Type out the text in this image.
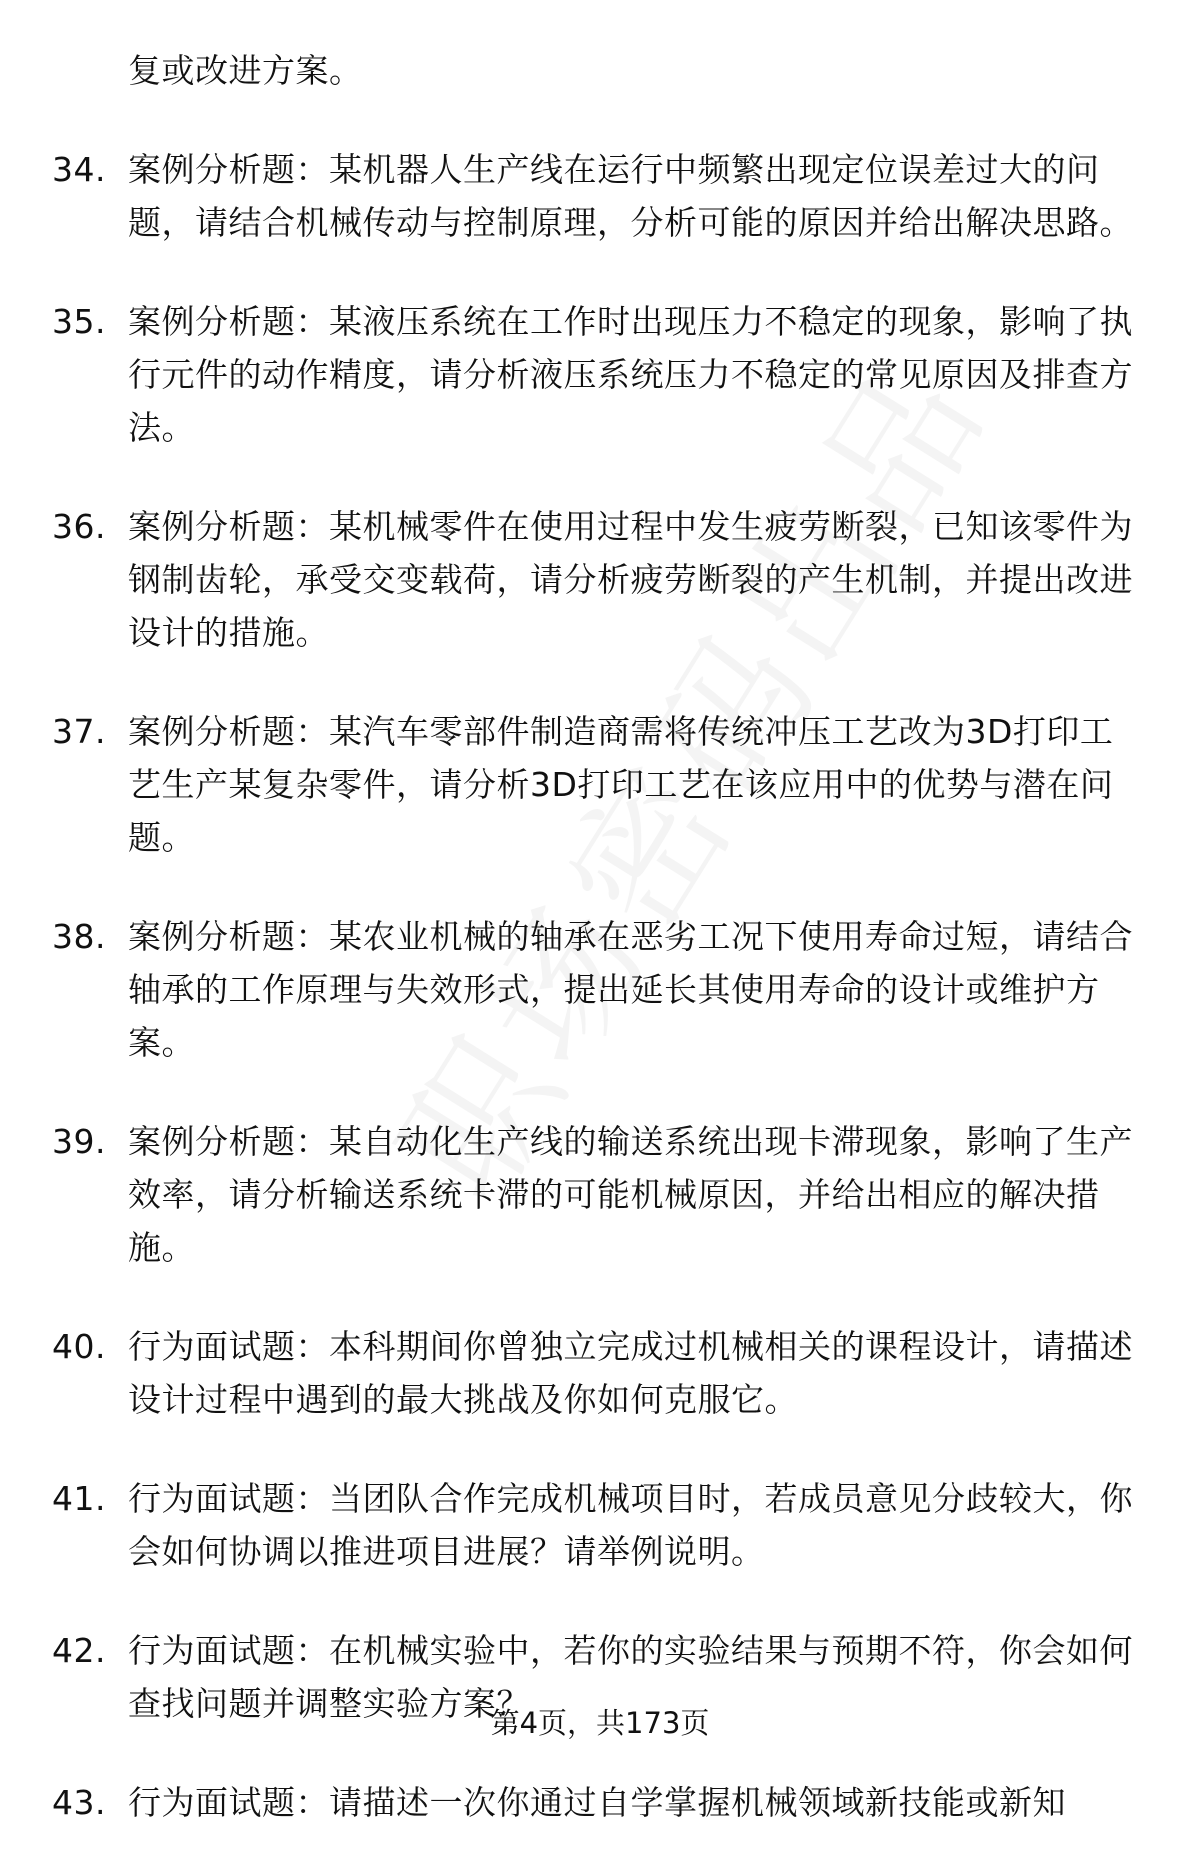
复或改进方案。
34. 案例分析题：某机器人生产线在运行中频繁出现定位误差过大的问题，请结合机械传动与控制原理，分析可能的原因并给出解决思路。
35. 案例分析题：某液压系统在工作时出现压力不稳定的现象，影响了执行元件的动作精度，请分析液压系统压力不稳定的常见原因及排查方法。
36. 案例分析题：某机械零件在使用过程中发生疲劳断裂，已知该零件为钢制齿轮，承受交变载荷，请分析疲劳断裂的产生机制，并提出改进设计的措施。
37. 案例分析题：某汽车零部件制造商需将传统冲压工艺改为3D打印工艺生产某复杂零件，请分析3D打印工艺在该应用中的优势与潜在问题。
38. 案例分析题：某农业机械的轴承在恶劣工况下使用寿命过短，请结合轴承的工作原理与失效形式，提出延长其使用寿命的设计或维护方案。
39. 案例分析题：某自动化生产线的输送系统出现卡滞现象，影响了生产效率，请分析输送系统卡滞的可能机械原因，并给出相应的解决措施。
40. 行为面试题：本科期间你曾独立完成过机械相关的课程设计，请描述设计过程中遇到的最大挑战及你如何克服它。
41. 行为面试题：当团队合作完成机械项目时，若成员意见分歧较大，你会如何协调以推进项目进展？请举例说明。
42. 行为面试题：在机械实验中，若你的实验结果与预期不符，你会如何查找问题并调整实验方案？
43. 行为面试题：请描述一次你通过自学掌握机械领域新技能或新知
第4页，共173页
